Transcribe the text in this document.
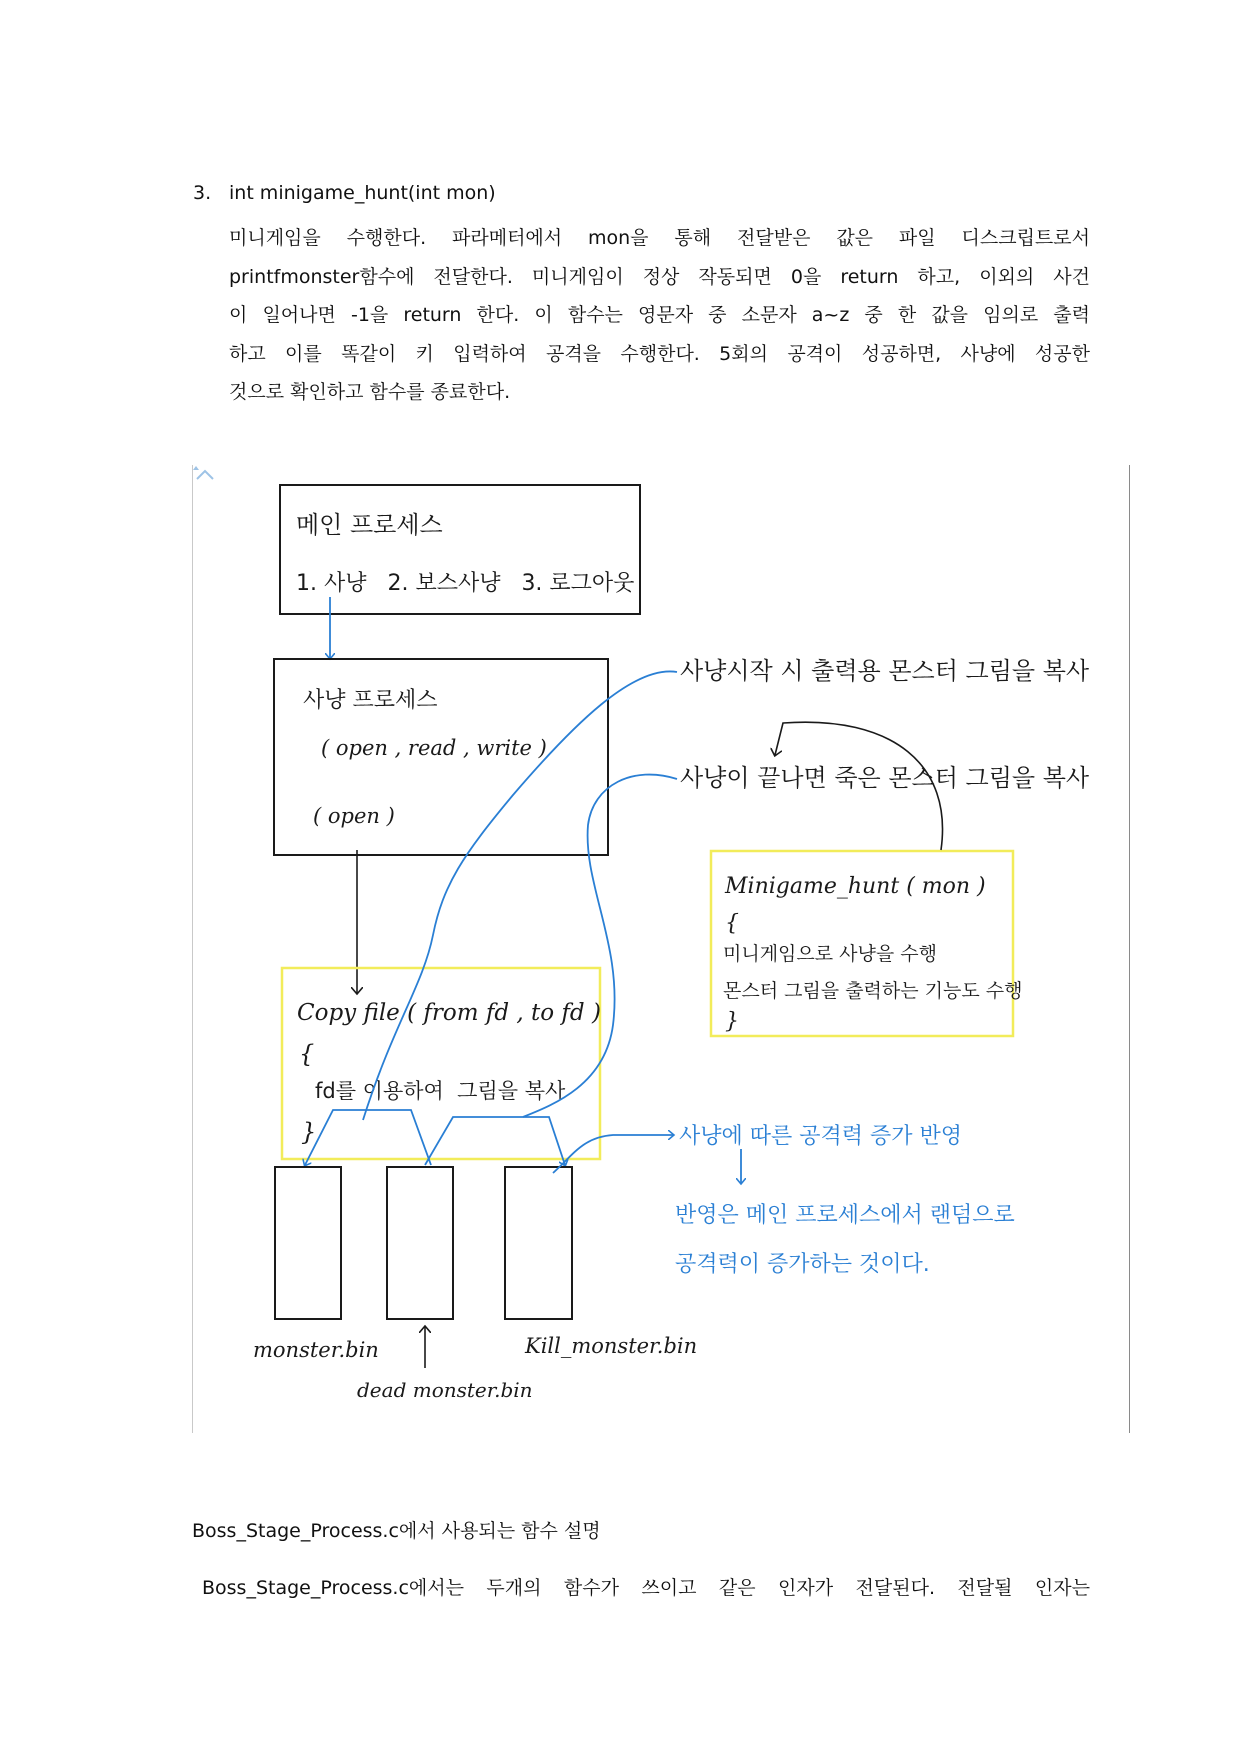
3. int minigame_hunt(int mon)
미니게임을 수행한다. 파라메터에서 mon을 통해 전달받은 값은 파일 디스크립트로서
printfmonster함수에 전달한다. 미니게임이 정상 작동되면 0을 return 하고, 이외의 사건
이 일어나면 -1을 return 한다. 이 함수는 영문자 중 소문자 a~z 중 한 값을 임의로 출력
하고 이를 똑같이 키 입력하여 공격을 수행한다. 5회의 공격이 성공하면, 사냥에 성공한
것으로 확인하고 함수를 종료한다.
메인 프로세스
1. 사냥   2. 보스사냥   3. 로그아웃
사냥 프로세스
( open , read , write )
( open )
Copy file ( from fd , to fd )
{
fd를 이용하여  그림을 복사
}
Minigame_hunt ( mon )
{
미니게임으로 사냥을 수행
몬스터 그림을 출력하는 기능도 수행
}
사냥시작 시 출력용 몬스터 그림을 복사
사냥이 끝나면 죽은 몬스터 그림을 복사
monster.bin
dead monster.bin
Kill_monster.bin
사냥에 따른 공격력 증가 반영
반영은 메인 프로세스에서 랜덤으로
공격력이 증가하는 것이다.
Boss_Stage_Process.c에서 사용되는 함수 설명
Boss_Stage_Process.c에서는 두개의 함수가 쓰이고 같은 인자가 전달된다. 전달될 인자는
